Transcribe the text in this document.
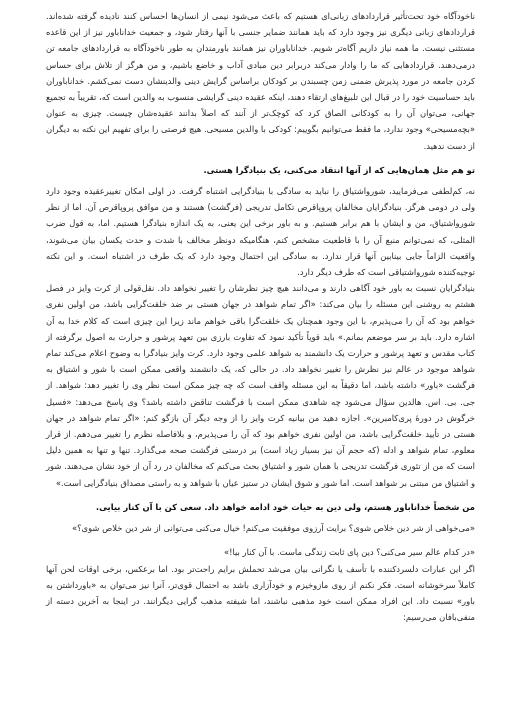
ناخودآگاه خود تحت‌تأثیر قراردادهای زبانی‌ای هستیم که باعث می‌شود نیمی از انسان‌ها احساس کنند نادیده گرفته شده‌اند. قراردادهای زبانی دیگری نیز وجود دارد که باید همانند ضمایر جنسی با آنها رفتار شود، و جمعیت خداناباور نیز از این قاعده مستثنی نیست. ما همه نیاز داریم آگاه‌تر شویم. خداناباوران نیز همانند باورمندان به طور ناخودآگاه به قراردادهای جامعه تن درمی‌دهند. قراردادهایی که ما را وادار می‌کند دربرابر دین مبادی آداب و خاضع باشیم، و من هرگز از تلاش برای حساس کردن جامعه در مورد پذیرش ضمنی زمن چسبندن بر کودکان براساس گرایش دینی والدینشان دست نمی‌کشم. خداناباوران باید حساسیت خود را در قبال این تلبیغ‌های ارتقاء دهند، اینکه عقیده دینی گرایشی منسوب به والدین است که، تقریباً به تجمیع جهانی، می‌توان آن را به کودکانی الصاق کرد که کوچک‌تر از آنند که اصلاً بدانند عقیده‌شان چیست. چیزی به عنوان «بچه‌مسیحی» وجود ندارد، ما فقط می‌توانیم بگوییم: کودکی با والدین مسیحی. هیچ فرصتی را برای تفهیم این نکته به دیگران از دست ندهید.

تو هم مثل همان‌هایی که از آنها انتقاد می‌کنی، یک بنیادگرا هستی.

نه، کم‌لطفی می‌فرمایید، شورواشتیاق را نباید به سادگی با بنیادگرایی اشتباه گرفت. در اولی امکان تغییرعقیده وجود دارد ولی در دومی هرگز. بنیادگرایان مخالفان پروپاقرص تکامل تدریجی (فرگشت) هستند و من موافق پروپاقرص آن. اما از نظر شورواشتیاق، من و ایشان با هم برابر هستیم. و به باور برخی این یعنی، به یک اندازه بنیادگرا هستیم. اما، به قول ضرب المثلی، که نمی‌توانم منبع آن را با قاطعیت مشخص کنم، هنگامیکه دونظر مخالف با شدت و حدت یکسان بیان می‌شوند، واقعیت الزاماً جایی بینابین آنها قرار ندارد. به سادگی این احتمال وجود دارد که یک طرف در اشتباه است. و این نکته توجیه‌کننده شورواشتیاقی است که طرف دیگر دارد.

بنیادگرایان نسبت به باور خود آگاهی دارند و می‌دانند هیچ چیز نظرشان را تغییر نخواهد داد. نقل‌قولی از کرت وایز در فصل هشتم به روشنی این مسئله را بیان می‌کند: «اگر تمام شواهد در جهان هستی بر ضد خلقت‌گرایی باشد، من اولین نفری خواهم بود که آن را می‌پذیرم، با این وجود همچنان یک خلقت‌گرا باقی خواهم ماند زیرا این چیزی است که کلام خدا به آن اشاره دارد. باید بر سر موضعم بمانم.» باید قویاً تأکید نمود که تفاوت بارزی بین تعهد پرشور و حرارت به اصول برگرفته از کتاب مقدس و تعهد پرشور و حرارت یک دانشمند به شواهد علمی وجود دارد. کرت وایز بنیادگرا به وضوح اعلام می‌کند تمام شواهد موجود در عالم نیز نظرش را تغییر نخواهد داد. در حالی که، یک دانشمند واقعی ممکن است با شور و اشتیاق به فرگشت «باور» داشته باشد، اما دقیقاً به این مسئله واقف است که چه چیز ممکن است نظر وی را تغییر دهد: شواهد. از جی. بی. اس. هالدین سؤال می‌شود چه شاهدی ممکن است با فرگشت تناقض داشته باشد؟ وی پاسخ می‌دهد: «فسیل خرگوش در دورهٔ پری‌کامبرین». اجازه دهید من بیانیه کرت وایز را از وجه دیگر آن بازگو کنم: «اگر تمام شواهد در جهان هستی در تأیید خلقت‌گرایی باشد، من اولین نفری خواهم بود که آن را می‌پذیرم، و بلافاصله نظرم را تغییر می‌دهم. از قرار معلوم، تمام شواهد و ادله (که حجم آن نیز بسیار زیاد است) بر درستی فرگشت صحه می‌گذارد. تنها و تنها به همین دلیل است که من از تئوری فرگشت تدریجی با همان شور و اشتیاق بحث می‌کنم که مخالفان در رد آن از خود نشان می‌دهند. شور و اشتیاق من مبتنی بر شواهد است. اما شور و شوق ایشان در ستیز عیان با شواهد و به راستی مصداق بنیادگرایی است.»

من شخصاً خداناباور هستم، ولی دین به حیات خود ادامه خواهد داد. سعی کن با آن کنار بیایی.

«می‌خواهی از شر دین خلاص شوی؟ برایت آرزوی موفقیت می‌کنم! خیال می‌کنی می‌توانی از شر دین خلاص شوی؟»

«در کدام عالم سیر می‌کنی؟ دین پای ثابت زندگی ماست. با آن کنار بیا!»

اگر این عبارات دلسردکننده با تأسف یا نگرانی بیان می‌شد تحملش برایم راحت‌تر بود. اما برعکس، برخی اوقات لحن آنها کاملاً سرخوشانه است. فکر نکنم از روی مازوخیزم و خودآزاری باشد به احتمال قوی‌تر، آنرا نیز می‌توان به «باورداشتن به باور» نسبت داد. این افراد ممکن است خود مذهبی نباشند، اما شیفته مذهب گرایی دیگرانند. در اینجا به آخرین دسته از منفی‌بافان می‌رسیم:
